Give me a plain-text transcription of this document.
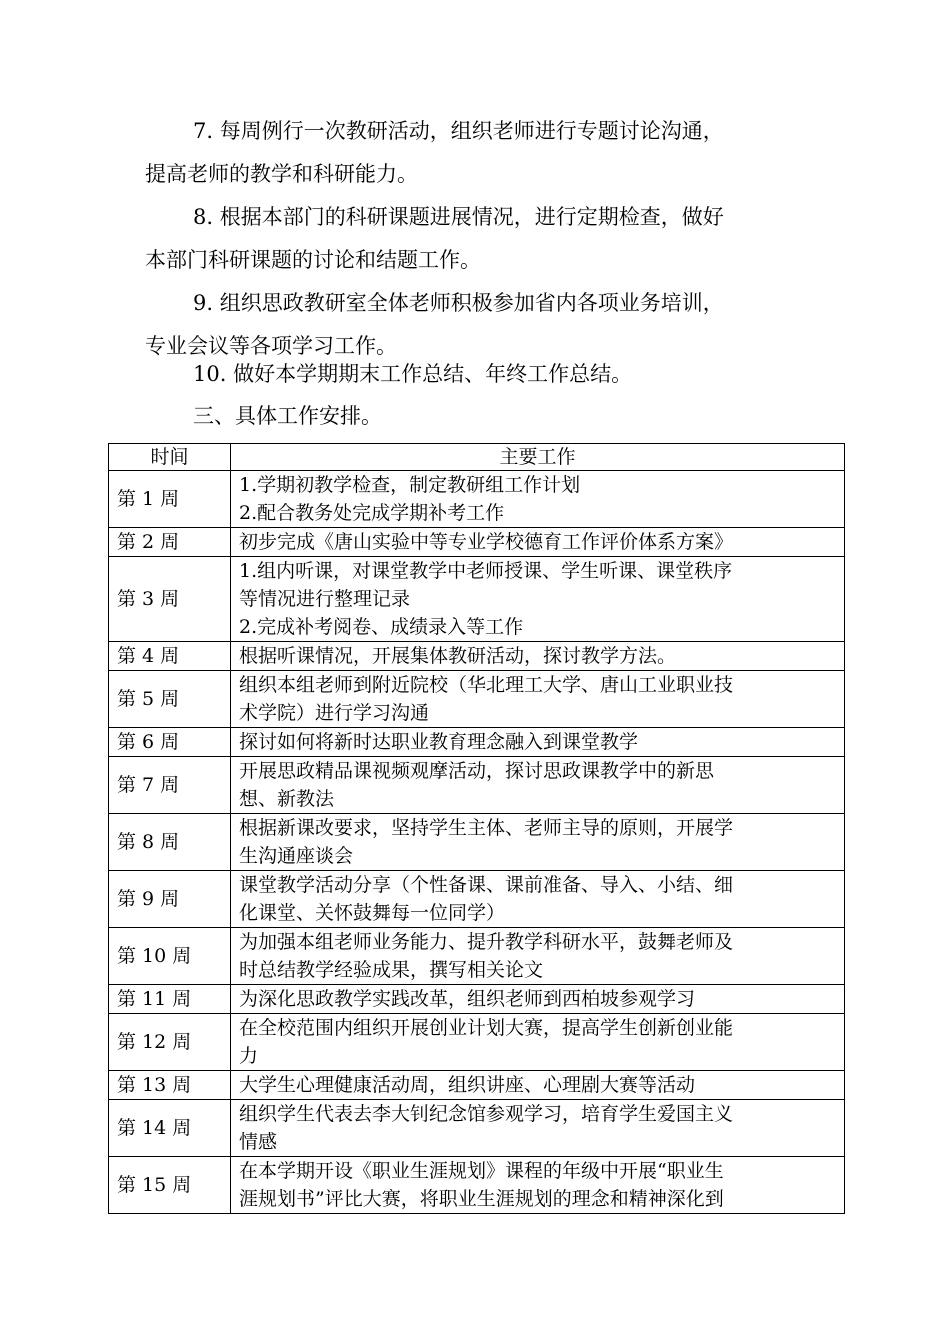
7. 每周例行一次教研活动，组织老师进行专题讨论沟通，
提高老师的教学和科研能力。

8. 根据本部门的科研课题进展情况，进行定期检查，做好
本部门科研课题的讨论和结题工作。

9. 组织思政教研室全体老师积极参加省内各项业务培训，
专业会议等各项学习工作。

10. 做好本学期期末工作总结、年终工作总结。

三、具体工作安排。

时间	主要工作
第 1 周	1.学期初教学检查，制定教研组工作计划
2.配合教务处完成学期补考工作

第 2 周	初步完成《唐山实验中等专业学校德育工作评价体系方案》

第 3 周	1.组内听课，对课堂教学中老师授课、学生听课、课堂秩序
等情况进行整理记录
2.完成补考阅卷、成绩录入等工作

第 4 周	根据听课情况，开展集体教研活动，探讨教学方法。

第 5 周	组织本组老师到附近院校（华北理工大学、唐山工业职业技
术学院）进行学习沟通

第 6 周	探讨如何将新时达职业教育理念融入到课堂教学

第 7 周	开展思政精品课视频观摩活动，探讨思政课教学中的新思
想、新教法

第 8 周	根据新课改要求，坚持学生主体、老师主导的原则，开展学
生沟通座谈会

第 9 周	课堂教学活动分享（个性备课、课前准备、导入、小结、细
化课堂、关怀鼓舞每一位同学）

第 10 周	为加强本组老师业务能力、提升教学科研水平，鼓舞老师及
时总结教学经验成果，撰写相关论文

第 11 周	为深化思政教学实践改革，组织老师到西柏坡参观学习

第 12 周	在全校范围内组织开展创业计划大赛，提高学生创新创业能
力

第 13 周	大学生心理健康活动周，组织讲座、心理剧大赛等活动

第 14 周	组织学生代表去李大钊纪念馆参观学习，培育学生爱国主义
情感

第 15 周	在本学期开设《职业生涯规划》课程的年级中开展“职业生
涯规划书”评比大赛，将职业生涯规划的理念和精神深化到
